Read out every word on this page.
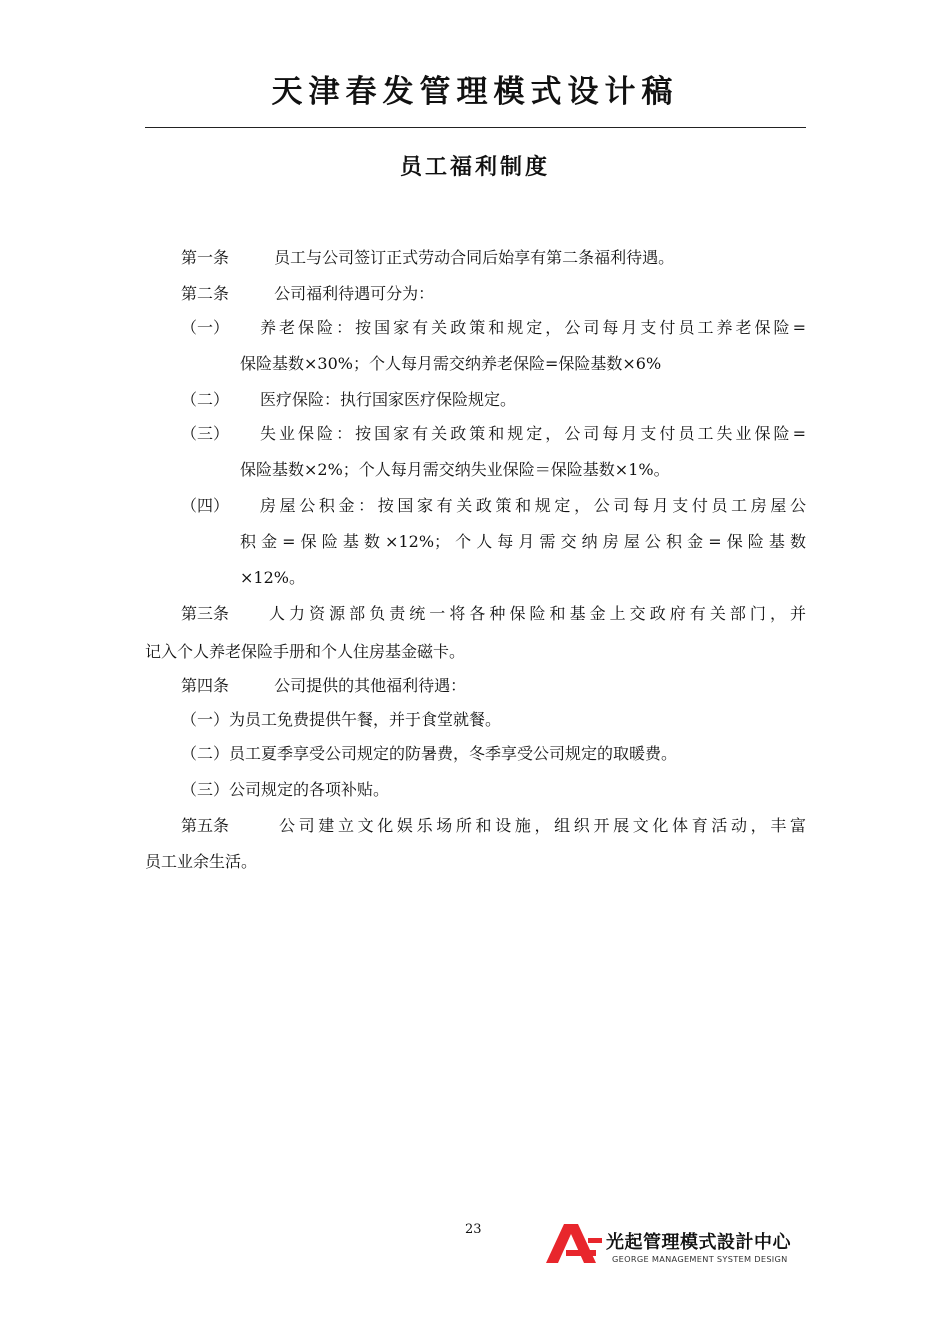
天津春发管理模式设计稿
员工福利制度
第一条	员工与公司签订正式劳动合同后始享有第二条福利待遇。
第二条	公司福利待遇可分为：
（一） 养老保险：按国家有关政策和规定，公司每月支付员工养老保险=
保险基数×30%；个人每月需交纳养老保险=保险基数×6%
（二） 医疗保险：执行国家医疗保险规定。
（三） 失业保险：按国家有关政策和规定，公司每月支付员工失业保险=
保险基数×2%；个人每月需交纳失业保险＝保险基数×1%。
（四） 房屋公积金：按国家有关政策和规定，公司每月支付员工房屋公
积金=保险基数×12%；个人每月需交纳房屋公积金=保险基数
×12%。
第三条 人力资源部负责统一将各种保险和基金上交政府有关部门，并
记入个人养老保险手册和个人住房基金磁卡。
第四条	公司提供的其他福利待遇：
（一）为员工免费提供午餐，并于食堂就餐。
（二）员工夏季享受公司规定的防暑费，冬季享受公司规定的取暖费。
（三）公司规定的各项补贴。
第五条	公司建立文化娱乐场所和设施，组织开展文化体育活动，丰富
员工业余生活。
23
光起管理模式設計中心
GEORGE MANAGEMENT SYSTEM DESIGN
